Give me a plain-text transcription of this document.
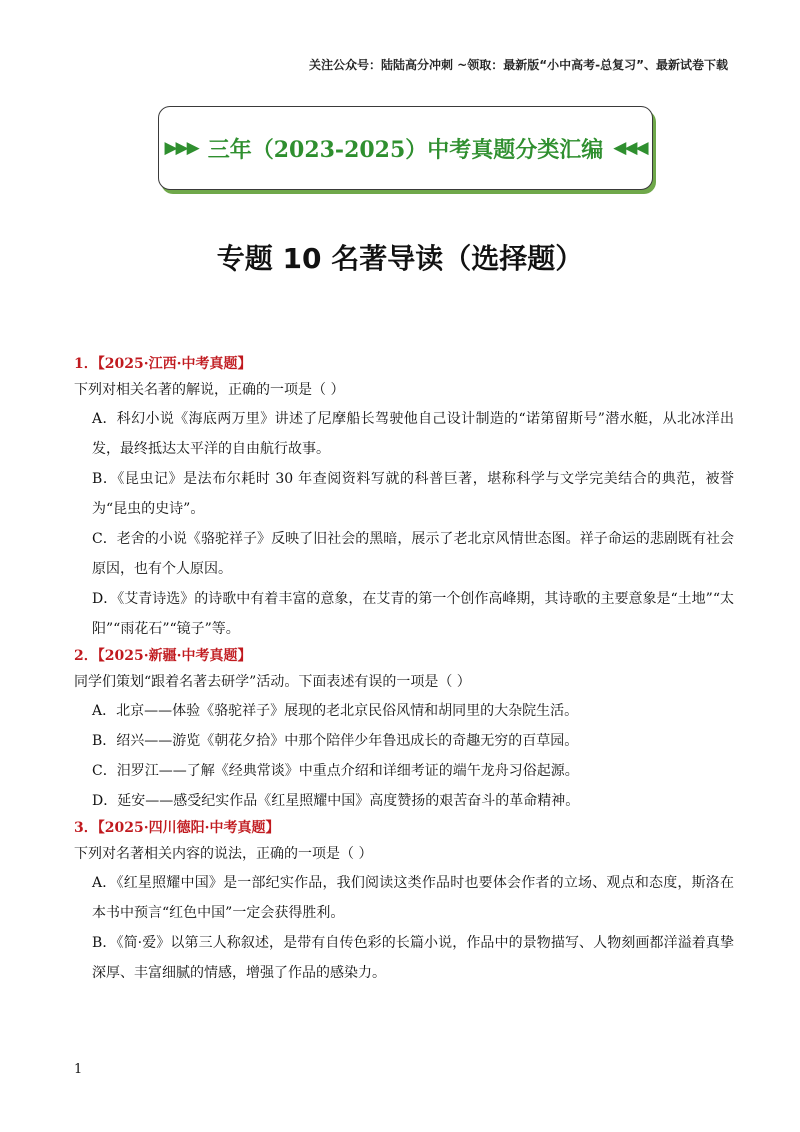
关注公众号：陆陆高分冲刺 ~领取：最新版“小中高考-总复习”、最新试卷下载
▶▶▶ 三年（2023-2025）中考真题分类汇编 ◀◀◀
专题 10 名著导读（选择题）
1．【2025·江西·中考真题】
下列对相关名著的解说，正确的一项是（ ）
A．科幻小说《海底两万里》讲述了尼摩船长驾驶他自己设计制造的“诺第留斯号”潜水艇，从北冰洋出发，最终抵达太平洋的自由航行故事。
B．《昆虫记》是法布尔耗时 30 年查阅资料写就的科普巨著，堪称科学与文学完美结合的典范，被誉为“昆虫的史诗”。
C．老舍的小说《骆驼祥子》反映了旧社会的黑暗，展示了老北京风情世态图。祥子命运的悲剧既有社会原因，也有个人原因。
D．《艾青诗选》的诗歌中有着丰富的意象，在艾青的第一个创作高峰期，其诗歌的主要意象是“土地”“太阳”“雨花石”“镜子”等。
2．【2025·新疆·中考真题】
同学们策划“跟着名著去研学”活动。下面表述有误的一项是（ ）
A．北京——体验《骆驼祥子》展现的老北京民俗风情和胡同里的大杂院生活。
B．绍兴——游览《朝花夕拾》中那个陪伴少年鲁迅成长的奇趣无穷的百草园。
C．汨罗江——了解《经典常谈》中重点介绍和详细考证的端午龙舟习俗起源。
D．延安——感受纪实作品《红星照耀中国》高度赞扬的艰苦奋斗的革命精神。
3．【2025·四川德阳·中考真题】
下列对名著相关内容的说法，正确的一项是（ ）
A．《红星照耀中国》是一部纪实作品，我们阅读这类作品时也要体会作者的立场、观点和态度，斯洛在本书中预言“红色中国”一定会获得胜利。
B．《简·爱》以第三人称叙述，是带有自传色彩的长篇小说，作品中的景物描写、人物刻画都洋溢着真挚深厚、丰富细腻的情感，增强了作品的感染力。
1
